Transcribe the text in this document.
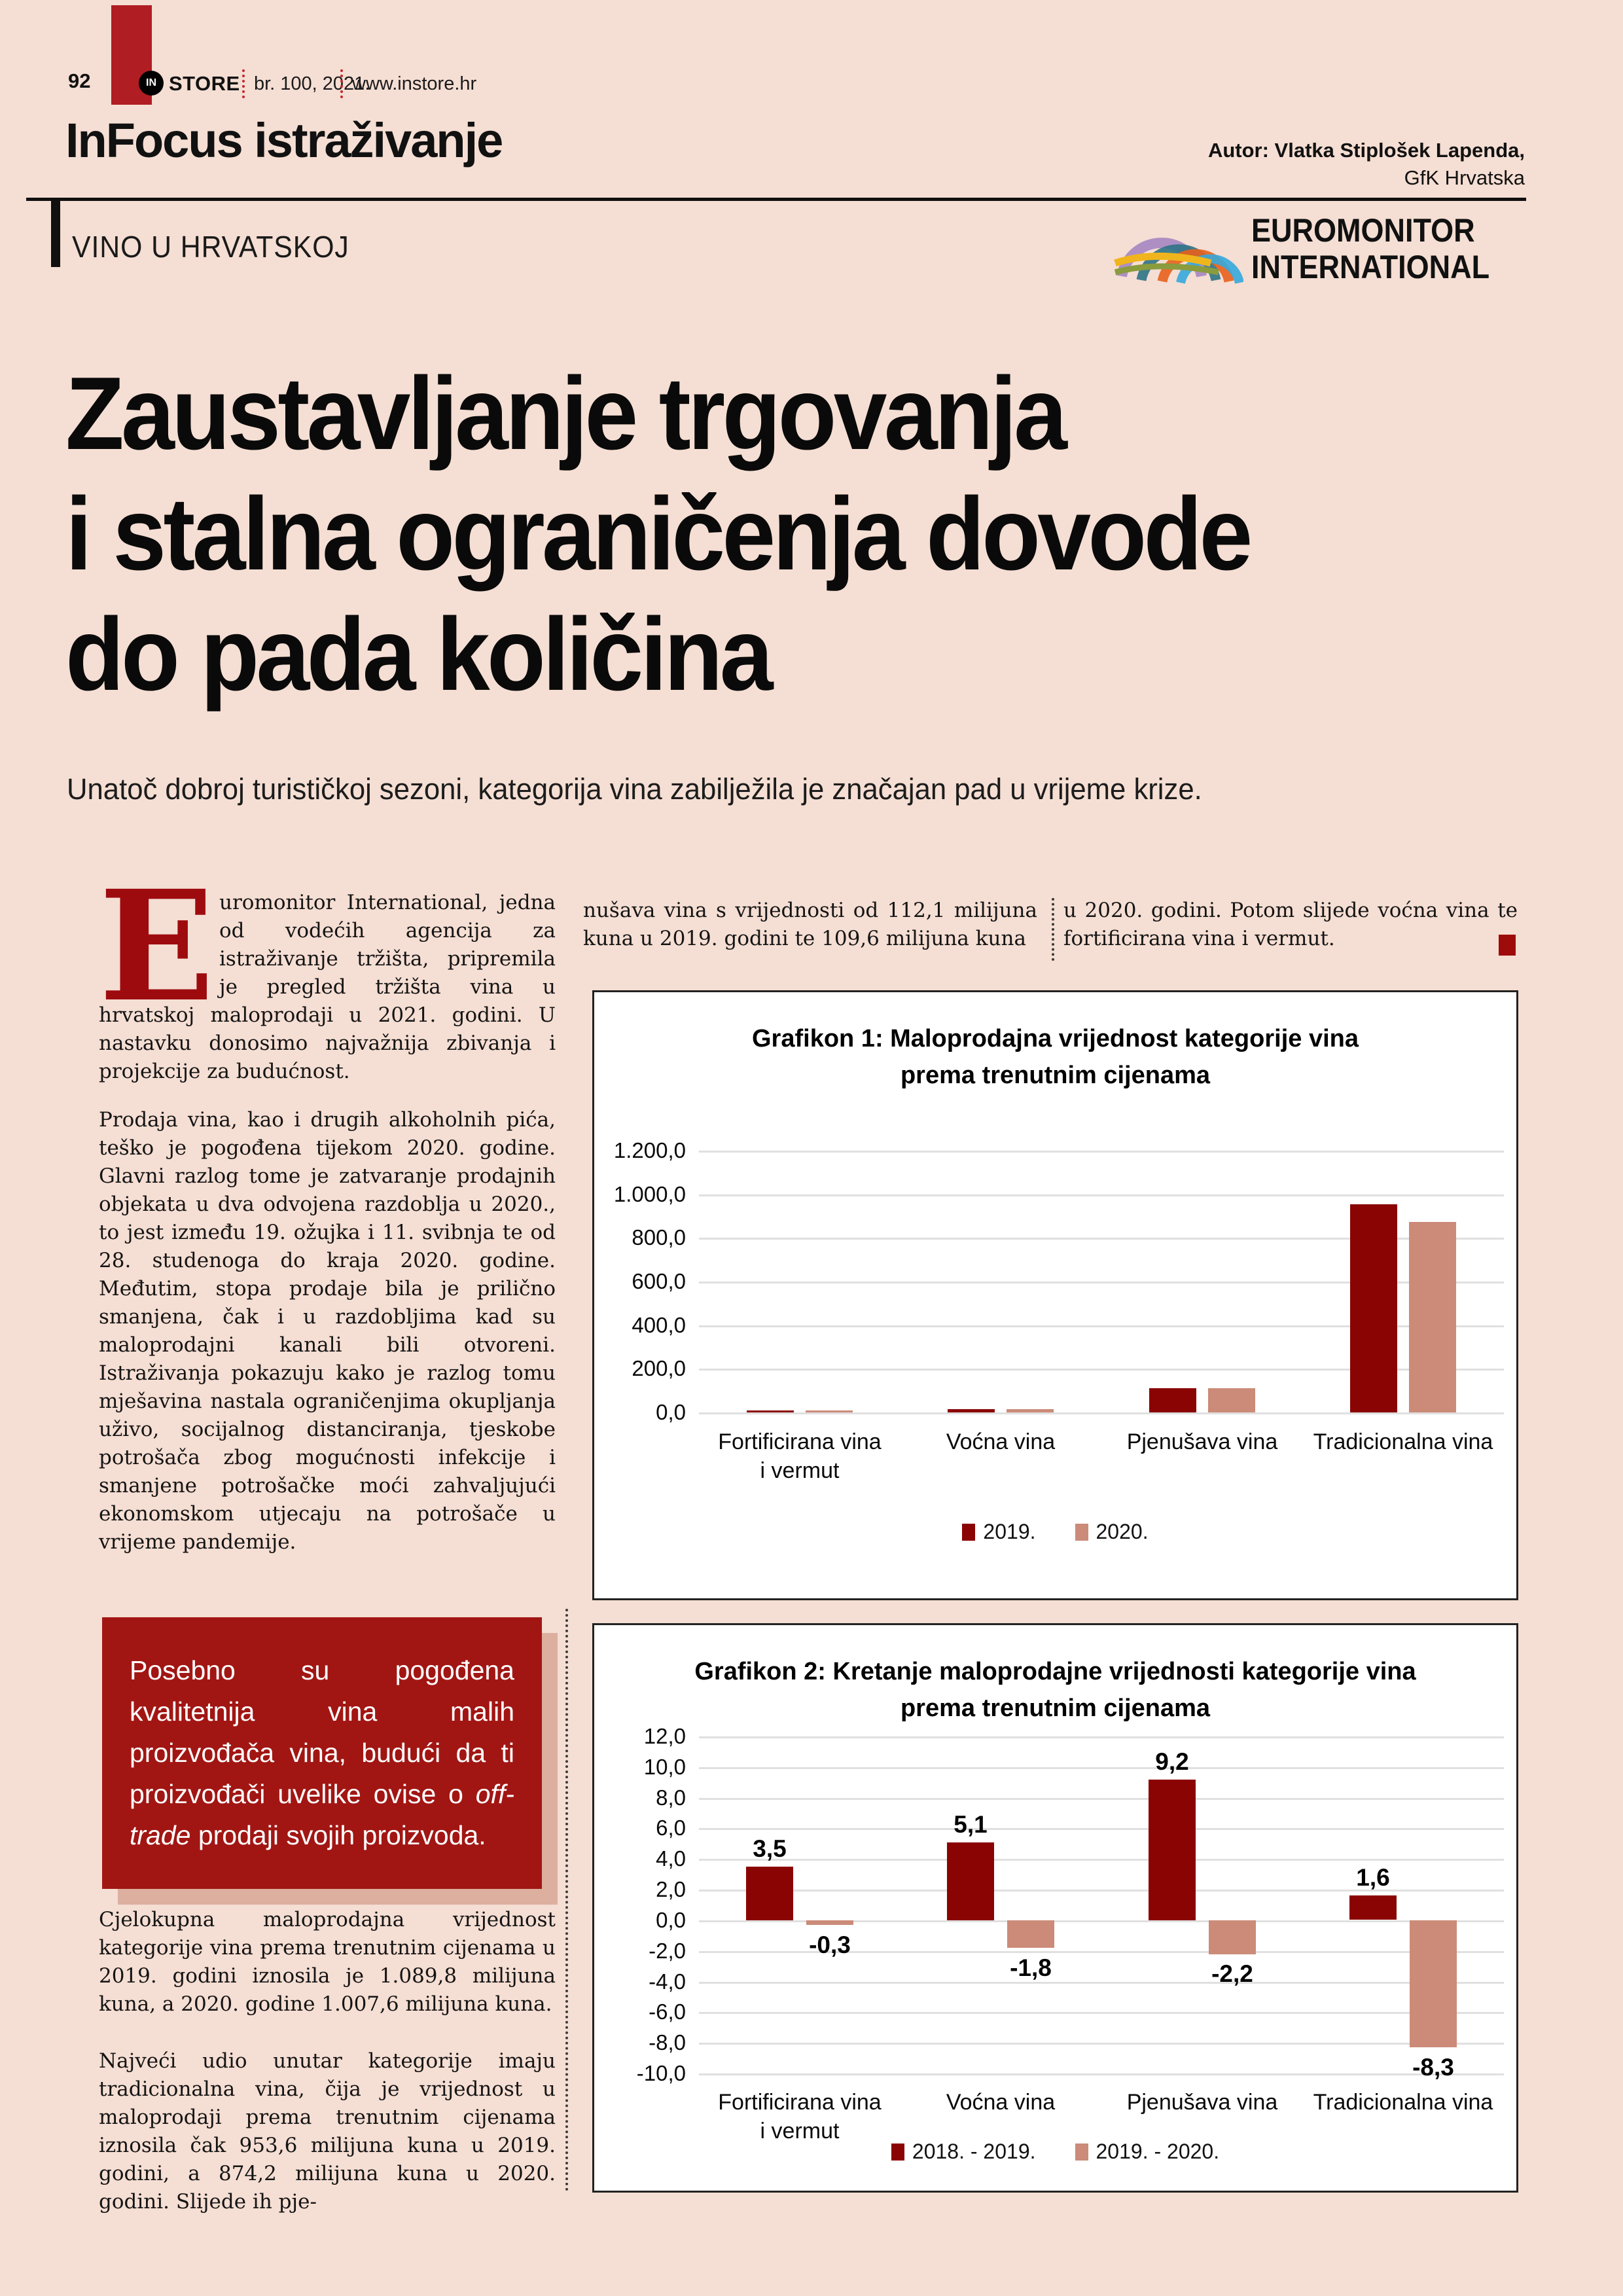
92	IN STORE br. 100, 2021.
www.instore.hr
InFocus istraživanje	Autor: Vlatka Stiplošek Lapenda,
GfK Hrvatska
VINO U HRVATSKOJ	EUROMONITOR
INTERNATIONAL
Zaustavljanje trgovanja
i stalna ograničenja dovode
do pada količina
Unatoč dobroj turističkoj sezoni, kategorija vina zabilježila je značajan pad u vrijeme krize.

Euromonitor International, jedna od vodećih agencija za istraživanje tržišta, pripremila je pregled tržišta vina u hrvatskoj maloprodaji u 2021. godini. U nastavku donosimo najvažnija zbivanja i projekcije za budućnost.

Prodaja vina, kao i drugih alkoholnih pića, teško je pogođena tijekom 2020. godine. Glavni razlog tome je zatvaranje prodajnih objekata u dva odvojena razdoblja u 2020., to jest između 19. ožujka i 11. svibnja te od 28. studenoga do kraja 2020. godine. Međutim, stopa prodaje bila je prilično smanjena, čak i u razdobljima kad su maloprodajni kanali bili otvoreni. Istraživanja pokazuju kako je razlog tomu mješavina nastala ograničenjima okupljanja uživo, socijalnog distanciranja, tjeskobe potrošača zbog mogućnosti infekcije i smanjene potrošačke moći zahvaljujući ekonomskom utjecaju na potrošače u vrijeme pandemije.

Posebno su pogođena kvalitetnija vina malih proizvođača vina, budući da ti proizvođači uvelike ovise o off-trade prodaji svojih proizvoda.

Cjelokupna maloprodajna vrijednost kategorije vina prema trenutnim cijenama u 2019. godini iznosila je 1.089,8 milijuna kuna, a 2020. godine 1.007,6 milijuna kuna.

Najveći udio unutar kategorije imaju tradicionalna vina, čija je vrijednost u maloprodaji prema trenutnim cijenama iznosila čak 953,6 milijuna kuna u 2019. godini, a 874,2 milijuna kuna u 2020. godini. Slijede ih pje-

nušava vina s vrijednosti od 112,1 milijuna kuna u 2019. godini te 109,6 milijuna kuna

u 2020. godini. Potom slijede voćna vina te fortificirana vina i vermut.

Grafikon 1: Maloprodajna vrijednost kategorije vina
prema trenutnim cijenama
0,0
200,0
400,0
600,0
800,0
1.000,0
1.200,0
Fortificirana vina
i vermut
Voćna vina	Pjenušava vina	Tradicionalna vina
2019.	2020.
Grafikon 2: Kretanje maloprodajne vrijednosti kategorije vina
prema trenutnim cijenama
12,0
10,0
8,0
6,0
4,0
2,0
0,0
-2,0
-4,0
-6,0
-8,0
-10,0
3,5
-0,3
Fortificirana vina
i vermut
5,1
-1,8
Voćna vina
9,2
-2,2
Pjenušava vina
1,6
-8,3
Tradicionalna vina
2018. - 2019.	2019. - 2020.
